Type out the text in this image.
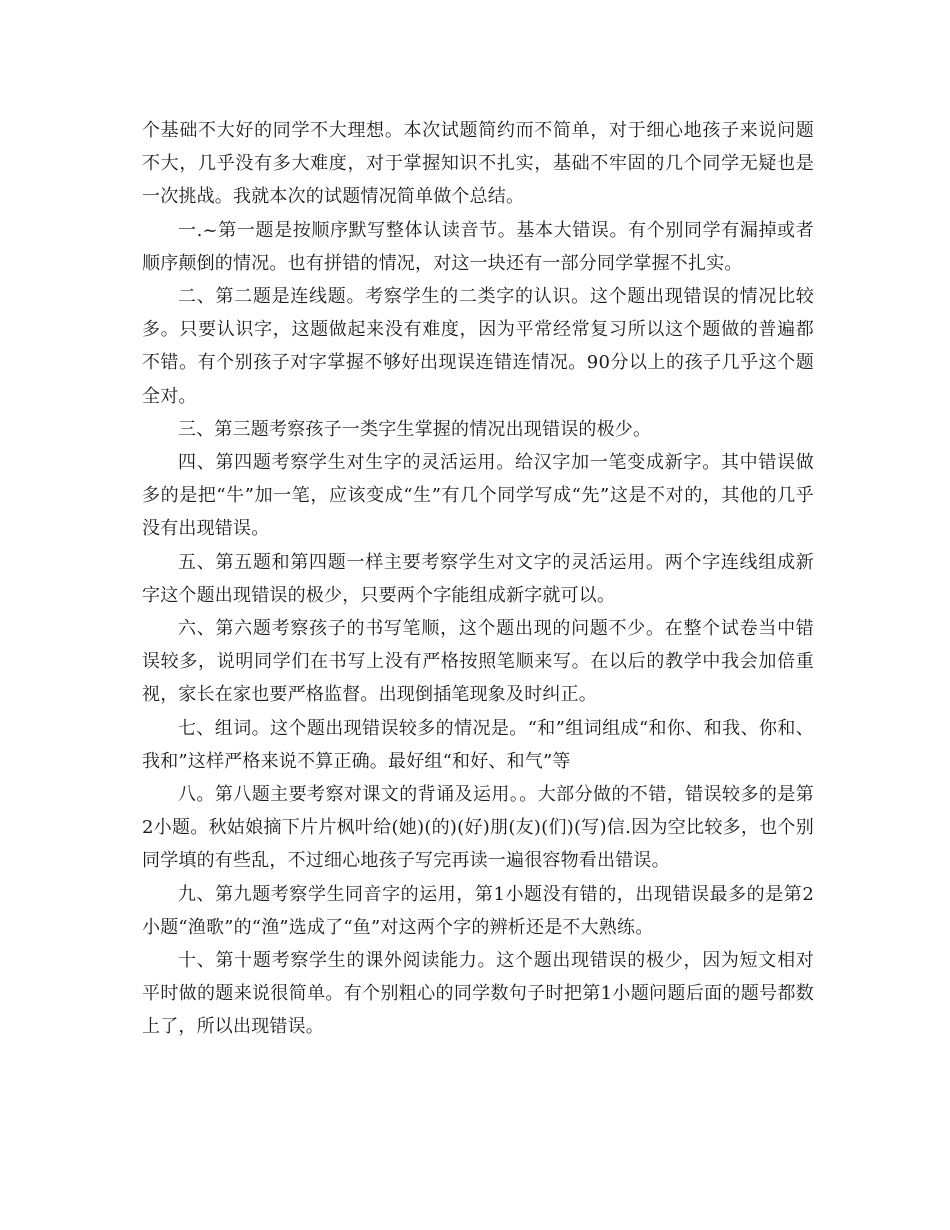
个基础不大好的同学不大理想。本次试题简约而不简单，对于细心地孩子来说问题不大，几乎没有多大难度，对于掌握知识不扎实，基础不牢固的几个同学无疑也是一次挑战。我就本次的试题情况简单做个总结。

一.~第一题是按顺序默写整体认读音节。基本大错误。有个别同学有漏掉或者顺序颠倒的情况。也有拼错的情况，对这一块还有一部分同学掌握不扎实。

二、第二题是连线题。考察学生的二类字的认识。这个题出现错误的情况比较多。只要认识字，这题做起来没有难度，因为平常经常复习所以这个题做的普遍都不错。有个别孩子对字掌握不够好出现误连错连情况。90分以上的孩子几乎这个题全对。

三、第三题考察孩子一类字生掌握的情况出现错误的极少。

四、第四题考察学生对生字的灵活运用。给汉字加一笔变成新字。其中错误做多的是把“牛”加一笔，应该变成“生”有几个同学写成“先”这是不对的，其他的几乎没有出现错误。

五、第五题和第四题一样主要考察学生对文字的灵活运用。两个字连线组成新字这个题出现错误的极少，只要两个字能组成新字就可以。

六、第六题考察孩子的书写笔顺，这个题出现的问题不少。在整个试卷当中错误较多，说明同学们在书写上没有严格按照笔顺来写。在以后的教学中我会加倍重视，家长在家也要严格监督。出现倒插笔现象及时纠正。

七、组词。这个题出现错误较多的情况是。“和”组词组成“和你、和我、你和、我和”这样严格来说不算正确。最好组“和好、和气”等

八。第八题主要考察对课文的背诵及运用。。大部分做的不错，错误较多的是第2小题。秋姑娘摘下片片枫叶给(她)(的)(好)朋(友)(们)(写)信.因为空比较多，也个别同学填的有些乱，不过细心地孩子写完再读一遍很容物看出错误。

九、第九题考察学生同音字的运用，第1小题没有错的，出现错误最多的是第2小题“渔歌”的“渔”选成了“鱼”对这两个字的辨析还是不大熟练。

十、第十题考察学生的课外阅读能力。这个题出现错误的极少，因为短文相对平时做的题来说很简单。有个别粗心的同学数句子时把第1小题问题后面的题号都数上了，所以出现错误。
